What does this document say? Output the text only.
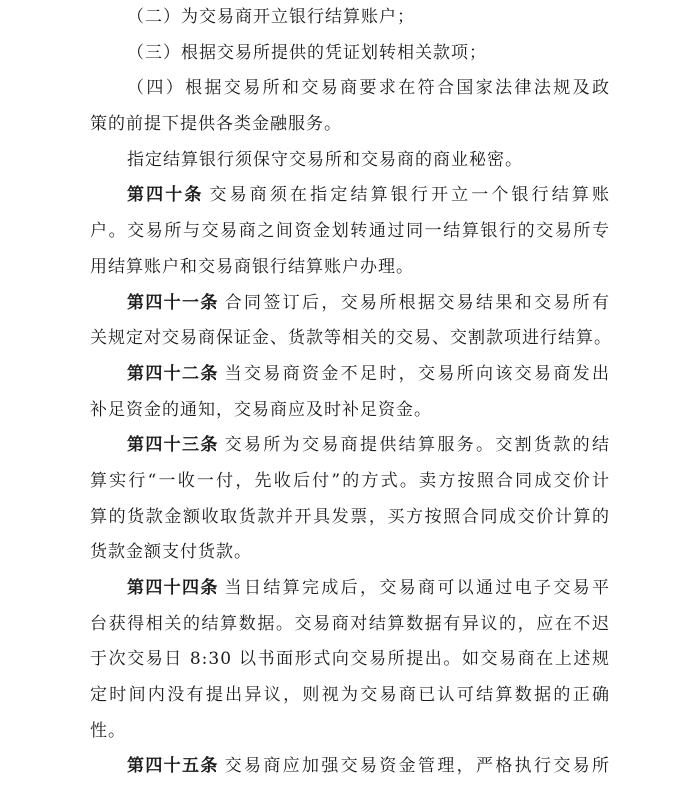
（二）为交易商开立银行结算账户；
（三）根据交易所提供的凭证划转相关款项；
（四）根据交易所和交易商要求在符合国家法律法规及政
策的前提下提供各类金融服务。
指定结算银行须保守交易所和交易商的商业秘密。
第四十条 交易商须在指定结算银行开立一个银行结算账
户。交易所与交易商之间资金划转通过同一结算银行的交易所专
用结算账户和交易商银行结算账户办理。
第四十一条 合同签订后，交易所根据交易结果和交易所有
关规定对交易商保证金、货款等相关的交易、交割款项进行结算。
第四十二条 当交易商资金不足时，交易所向该交易商发出
补足资金的通知，交易商应及时补足资金。
第四十三条 交易所为交易商提供结算服务。交割货款的结
算实行“一收一付，先收后付”的方式。卖方按照合同成交价计
算的货款金额收取货款并开具发票，买方按照合同成交价计算的
货款金额支付货款。
第四十四条 当日结算完成后，交易商可以通过电子交易平
台获得相关的结算数据。交易商对结算数据有异议的，应在不迟
于次交易日 8:30 以书面形式向交易所提出。如交易商在上述规
定时间内没有提出异议，则视为交易商已认可结算数据的正确
性。
第四十五条 交易商应加强交易资金管理，严格执行交易所
